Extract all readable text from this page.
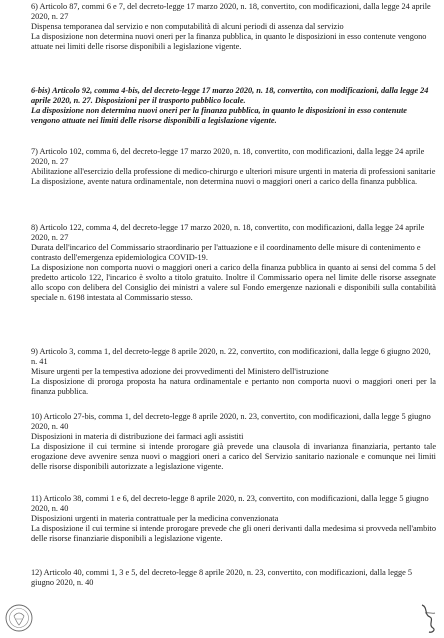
6) Articolo 87, commi 6 e 7, del decreto-legge 17 marzo 2020, n. 18, convertito, con modificazioni, dalla legge 24 aprile 2020, n. 27

Dispensa temporanea dal servizio e non computabilità di alcuni periodi di assenza dal servizio

La disposizione non determina nuovi oneri per la finanza pubblica, in quanto le disposizioni in esso contenute vengono attuate nei limiti delle risorse disponibili a legislazione vigente.

6-bis) Articolo 92, comma 4-bis, del decreto-legge 17 marzo 2020, n. 18, convertito, con modificazioni, dalla legge 24 aprile 2020, n. 27. Disposizioni per il trasporto pubblico locale.

La disposizione non determina nuovi oneri per la finanza pubblica, in quanto le disposizioni in esso contenute vengono attuate nei limiti delle risorse disponibili a legislazione vigente.

7) Articolo 102, comma 6, del decreto-legge 17 marzo 2020, n. 18, convertito, con modificazioni, dalla legge 24 aprile 2020, n. 27

Abilitazione all'esercizio della professione di medico-chirurgo e ulteriori misure urgenti in materia di professioni sanitarie

La disposizione, avente natura ordinamentale, non determina nuovi o maggiori oneri a carico della finanza pubblica.

8) Articolo 122, comma 4, del decreto-legge 17 marzo 2020, n. 18, convertito, con modificazioni, dalla legge 24 aprile 2020, n. 27

Durata dell'incarico del Commissario straordinario per l'attuazione e il coordinamento delle misure di contenimento e contrasto dell'emergenza epidemiologica COVID-19.

La disposizione non comporta nuovi o maggiori oneri a carico della finanza pubblica in quanto ai sensi del comma 5 del predetto articolo 122, l'incarico è svolto a titolo gratuito. Inoltre il Commissario opera nel limite delle risorse assegnate allo scopo con delibera del Consiglio dei ministri a valere sul Fondo emergenze nazionali e disponibili sulla contabilità speciale n. 6198 intestata al Commissario stesso.

9) Articolo 3, comma 1, del decreto-legge 8 aprile 2020, n. 22, convertito, con modificazioni, dalla legge 6 giugno 2020, n. 41

Misure urgenti per la tempestiva adozione dei provvedimenti del Ministero dell'istruzione

La disposizione di proroga proposta ha natura ordinamentale e pertanto non comporta nuovi o maggiori oneri per la finanza pubblica.

10) Articolo 27-bis, comma 1, del decreto-legge 8 aprile 2020, n. 23, convertito, con modificazioni, dalla legge 5 giugno 2020, n. 40

Disposizioni in materia di distribuzione dei farmaci agli assistiti

La disposizione il cui termine si intende prorogare già prevede una clausola di invarianza finanziaria, pertanto tale erogazione deve avvenire senza nuovi o maggiori oneri a carico del Servizio sanitario nazionale e comunque nei limiti delle risorse disponibili autorizzate a legislazione vigente.

11) Articolo 38, commi 1 e 6, del decreto-legge 8 aprile 2020, n. 23, convertito, con modificazioni, dalla legge 5 giugno 2020, n. 40

Disposizioni urgenti in materia contrattuale per la medicina convenzionata

La disposizione il cui termine si intende prorogare prevede che gli oneri derivanti dalla medesima si provveda nell'ambito delle risorse finanziarie disponibili a legislazione vigente.

12) Articolo 40, commi 1, 3 e 5, del decreto-legge 8 aprile 2020, n. 23, convertito, con modificazioni, dalla legge 5 giugno 2020, n. 40
